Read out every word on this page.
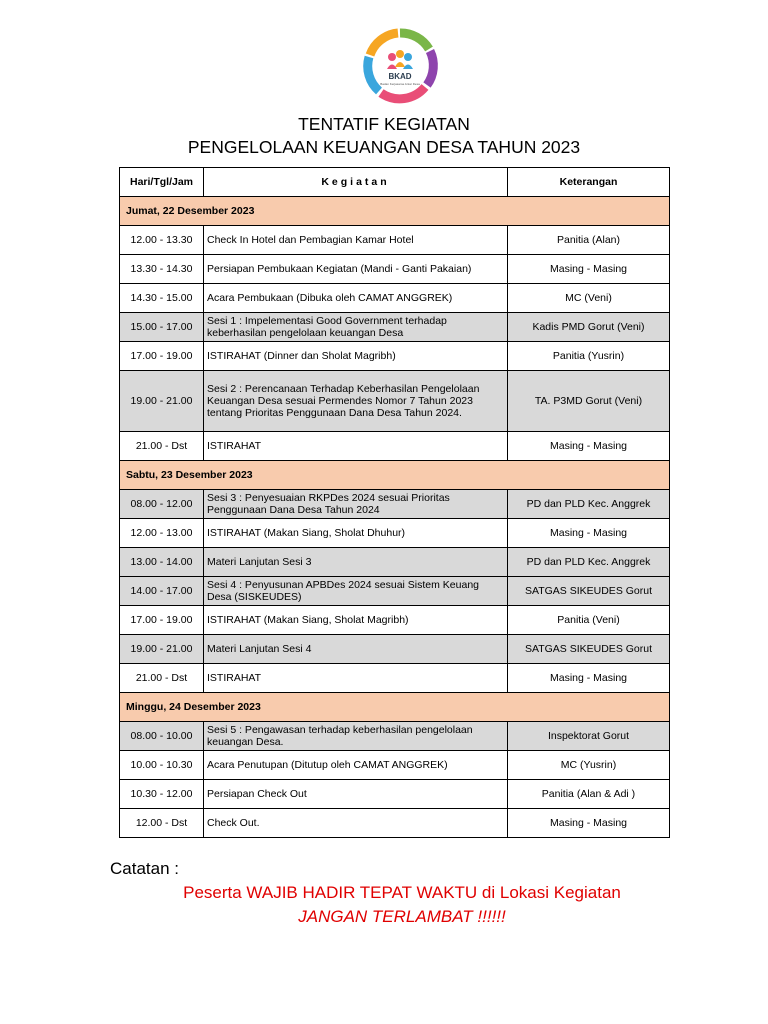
BKAD
Badan Kerjasama Antar Desa
TENTATIF KEGIATAN
PENGELOLAAN KEUANGAN DESA TAHUN 2023
Hari/Tgl/Jam	Kegiatan	Keterangan
Jumat, 22 Desember 2023		
12.00 - 13.30	Check In Hotel dan Pembagian Kamar Hotel	Panitia (Alan)
13.30 - 14.30	Persiapan Pembukaan Kegiatan (Mandi - Ganti Pakaian)	Masing - Masing
14.30 - 15.00	Acara Pembukaan (Dibuka oleh CAMAT ANGGREK)	MC (Veni)
15.00 - 17.00	Sesi 1 : Impelementasi Good Government terhadap keberhasilan pengelolaan keuangan Desa	Kadis PMD Gorut (Veni)
17.00 - 19.00	ISTIRAHAT (Dinner dan Sholat Magribh)	Panitia (Yusrin)
19.00 - 21.00	Sesi 2 : Perencanaan Terhadap Keberhasilan Pengelolaan Keuangan Desa sesuai Permendes Nomor 7 Tahun 2023 tentang Prioritas Penggunaan Dana Desa Tahun 2024.	TA. P3MD Gorut (Veni)
21.00 - Dst	ISTIRAHAT	Masing - Masing
Sabtu, 23 Desember 2023		
08.00 - 12.00	Sesi 3 : Penyesuaian RKPDes 2024 sesuai Prioritas Penggunaan Dana Desa Tahun 2024	PD dan PLD Kec. Anggrek
12.00 - 13.00	ISTIRAHAT (Makan Siang, Sholat Dhuhur)	Masing - Masing
13.00 - 14.00	Materi Lanjutan Sesi 3	PD dan PLD Kec. Anggrek
14.00 - 17.00	Sesi 4 : Penyusunan APBDes 2024 sesuai Sistem Keuang Desa (SISKEUDES)	SATGAS SIKEUDES Gorut
17.00 - 19.00	ISTIRAHAT (Makan Siang, Sholat Magribh)	Panitia (Veni)
19.00 - 21.00	Materi Lanjutan Sesi 4	SATGAS SIKEUDES Gorut
21.00 - Dst	ISTIRAHAT	Masing - Masing
Minggu, 24 Desember 2023		
08.00 - 10.00	Sesi 5 : Pengawasan terhadap keberhasilan pengelolaan keuangan Desa.	Inspektorat Gorut
10.00 - 10.30	Acara Penutupan (Ditutup oleh CAMAT ANGGREK)	MC (Yusrin)
10.30 - 12.00	Persiapan Check Out	Panitia (Alan & Adi )
12.00 - Dst	Check Out.	Masing - Masing
Catatan :
Peserta WAJIB HADIR TEPAT WAKTU di Lokasi Kegiatan
JANGAN TERLAMBAT !!!!!!
